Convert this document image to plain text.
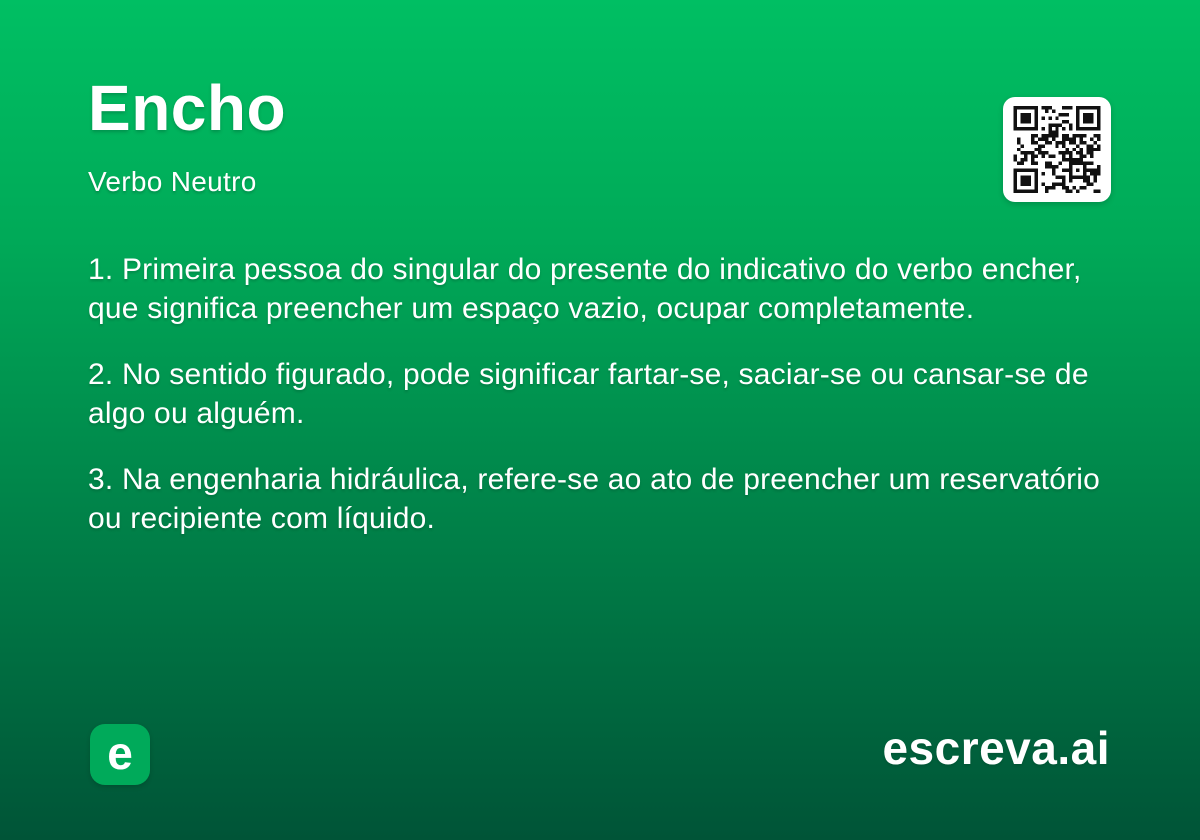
Encho
Verbo Neutro

1. Primeira pessoa do singular do presente do indicativo do verbo encher, que significa preencher um espaço vazio, ocupar completamente.

2. No sentido figurado, pode significar fartar-se, saciar-se ou cansar-se de algo ou alguém.

3. Na engenharia hidráulica, refere-se ao ato de preencher um reservatório ou recipiente com líquido.

e	escreva.ai
